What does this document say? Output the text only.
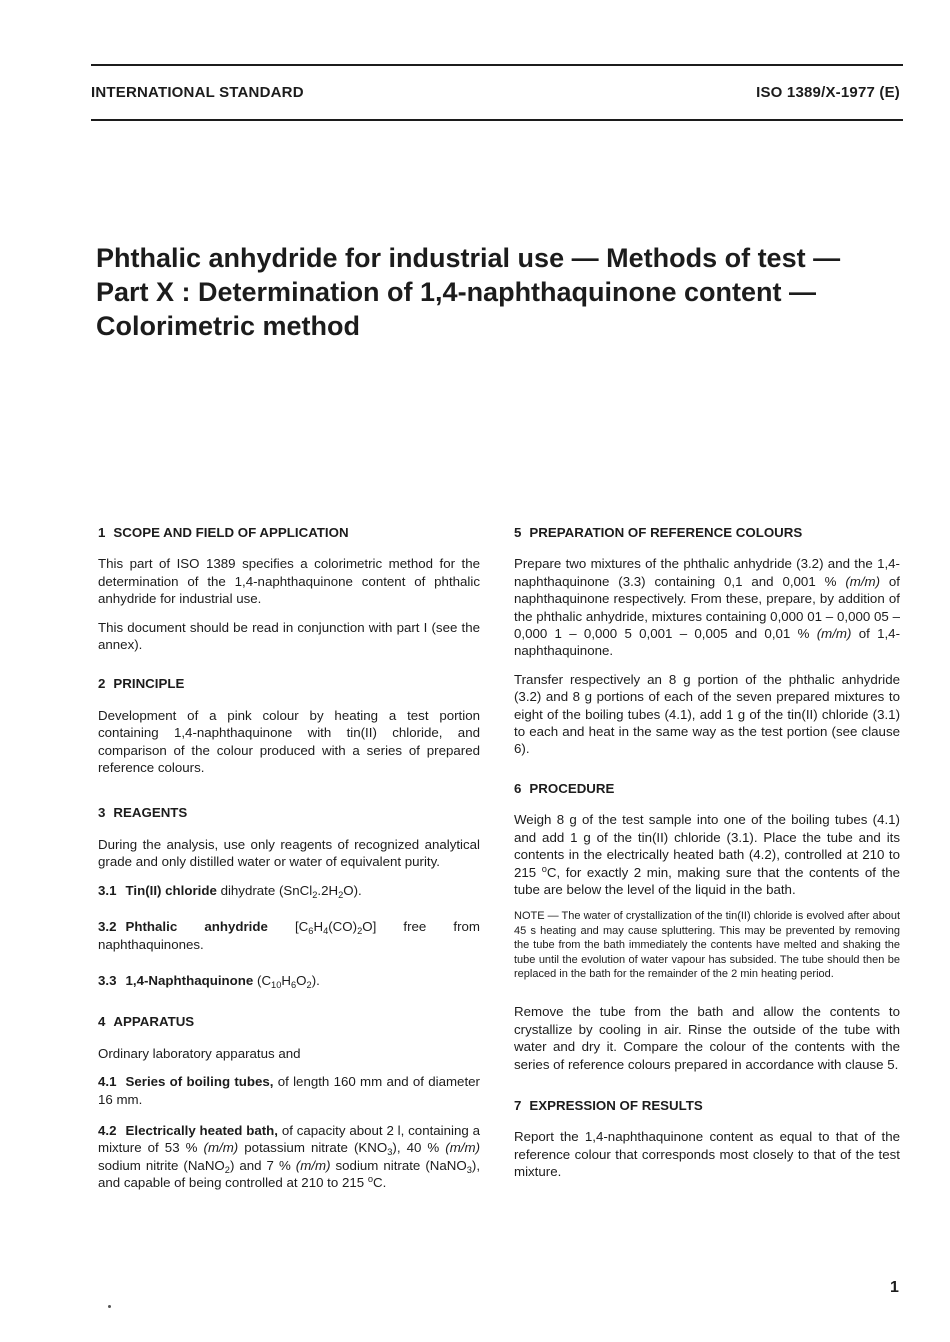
INTERNATIONAL STANDARD	ISO 1389/X-1977 (E)
Phthalic anhydride for industrial use — Methods of test —
Part X : Determination of 1,4-naphthaquinone content —
Colorimetric method
1 SCOPE AND FIELD OF APPLICATION

This part of ISO 1389 specifies a colorimetric method for the determination of the 1,4-naphthaquinone content of phthalic anhydride for industrial use.

This document should be read in conjunction with part I (see the annex).

2 PRINCIPLE

Development of a pink colour by heating a test portion containing 1,4-naphthaquinone with tin(II) chloride, and comparison of the colour produced with a series of prepared reference colours.

3 REAGENTS

During the analysis, use only reagents of recognized analytical grade and only distilled water or water of equivalent purity.

3.1 Tin(II) chloride dihydrate $(SnCl_2.2H_2O)$.

3.2 Phthalic anhydride $[C_6H_4(CO)_2O]$ free from naphthaquinones.

3.3 1,4-Naphthaquinone $(C_{10}H_6O_2)$.

4 APPARATUS

Ordinary laboratory apparatus and

4.1 Series of boiling tubes, of length 160 mm and of diameter 16 mm.

4.2 Electrically heated bath, of capacity about 2 l, containing a mixture of 53 % (m/m) potassium nitrate $(KNO_3)$, 40 % (m/m) sodium nitrite (NaNO$_2$) and 7 % (m/m) sodium nitrate (NaNO$_3$), and capable of being controlled at 210 to 215 $^o$C.

5 PREPARATION OF REFERENCE COLOURS

Prepare two mixtures of the phthalic anhydride (3.2) and the 1,4-naphthaquinone (3.3) containing 0,1 and 0,001 % (m/m) of naphthaquinone respectively. From these, prepare, by addition of the phthalic anhydride, mixtures containing 0,000 01 – 0,000 05 – 0,000 1 – 0,000 5 0,001 – 0,005 and 0,01 % (m/m) of 1,4-naphthaquinone.

Transfer respectively an 8 g portion of the phthalic anhydride (3.2) and 8 g portions of each of the seven prepared mixtures to eight of the boiling tubes (4.1), add 1 g of the tin(II) chloride (3.1) to each and heat in the same way as the test portion (see clause 6).

6 PROCEDURE

Weigh 8 g of the test sample into one of the boiling tubes (4.1) and add 1 g of the tin(II) chloride (3.1). Place the tube and its contents in the electrically heated bath (4.2), controlled at 210 to 215 $^o$C, for exactly 2 min, making sure that the contents of the tube are below the level of the liquid in the bath.

NOTE — The water of crystallization of the tin(II) chloride is evolved after about 45 s heating and may cause spluttering. This may be prevented by removing the tube from the bath immediately the contents have melted and shaking the tube until the evolution of water vapour has subsided. The tube should then be replaced in the bath for the remainder of the 2 min heating period.

Remove the tube from the bath and allow the contents to crystallize by cooling in air. Rinse the outside of the tube with water and dry it. Compare the colour of the contents with the series of reference colours prepared in accordance with clause 5.

7 EXPRESSION OF RESULTS

Report the 1,4-naphthaquinone content as equal to that of the reference colour that corresponds most closely to that of the test mixture.

1
